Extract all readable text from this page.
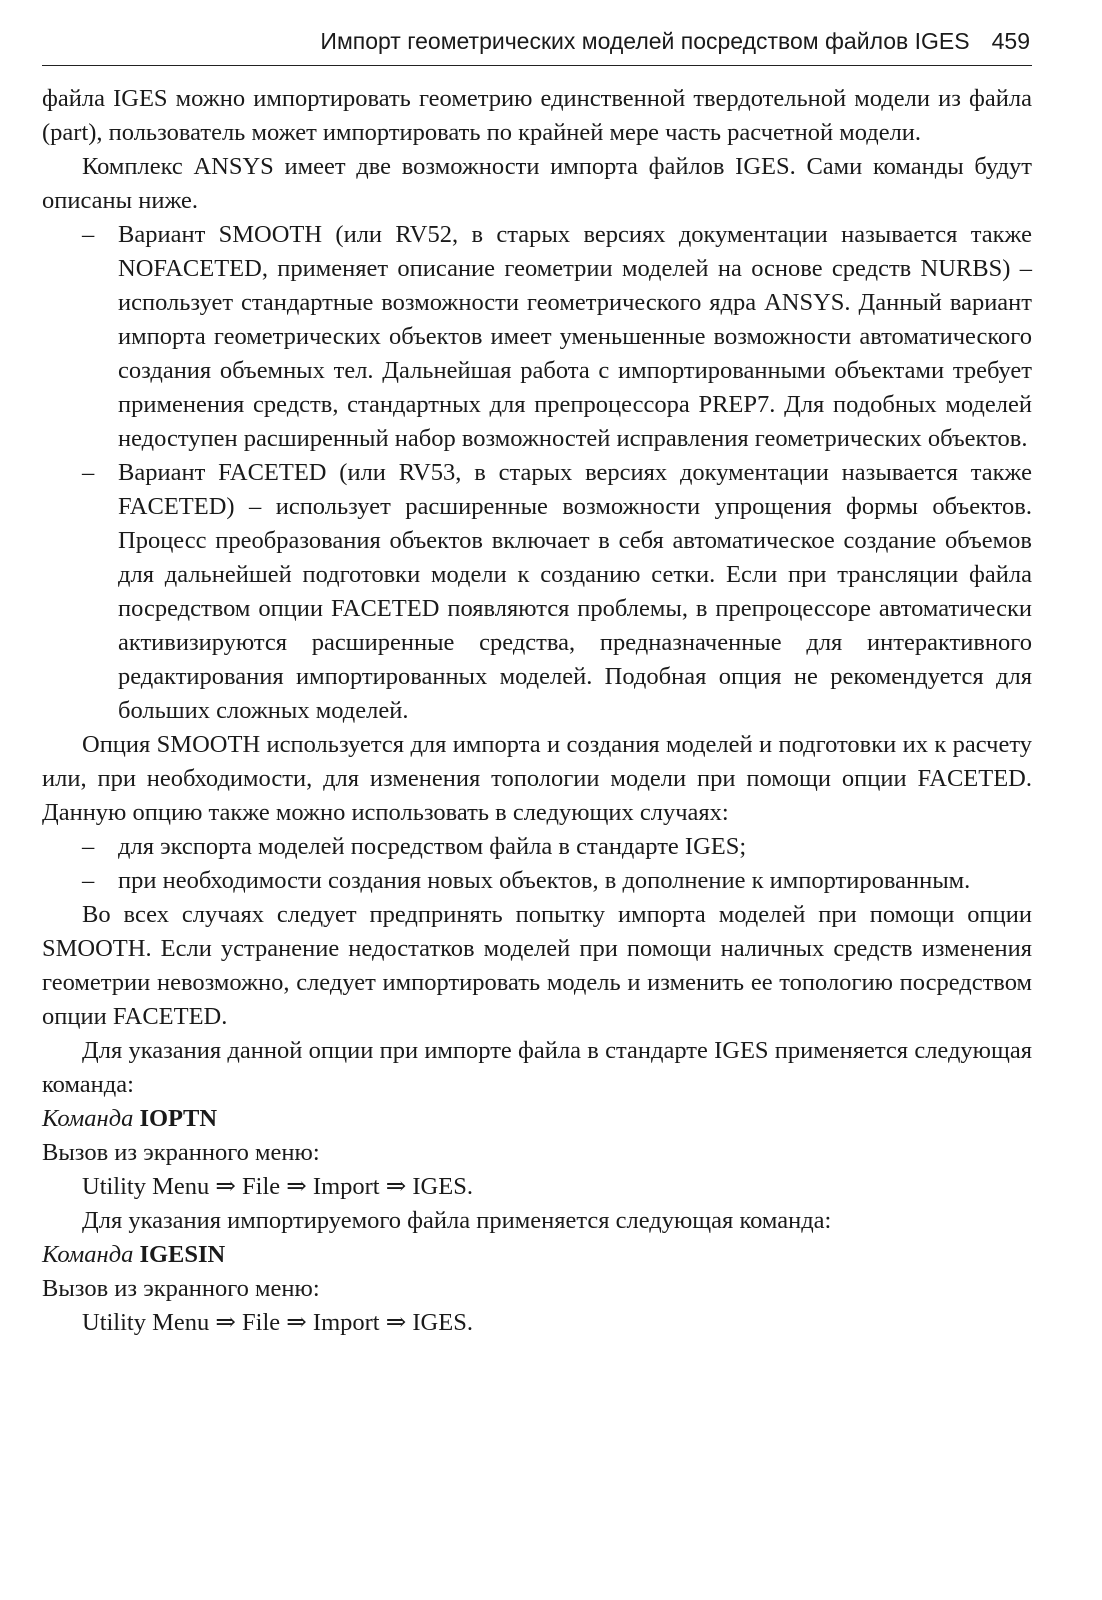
Импорт геометрических моделей посредством файлов IGES 459

файла IGES можно импортировать геометрию единственной твердотельной модели из файла (part), пользователь может импортировать по крайней мере часть расчетной модели.

Комплекс ANSYS имеет две возможности импорта файлов IGES. Сами команды будут описаны ниже.

– Вариант SMOOTH (или RV52, в старых версиях документации называется также NOFACETED, применяет описание геометрии моделей на основе средств NURBS) – использует стандартные возможности геометрического ядра ANSYS. Данный вариант импорта геометрических объектов имеет уменьшенные возможности автоматического создания объемных тел. Дальнейшая работа с импортированными объектами требует применения средств, стандартных для препроцессора PREP7. Для подобных моделей недоступен расширенный набор возможностей исправления геометрических объектов.
– Вариант FACETED (или RV53, в старых версиях документации называется также FACETED) – использует расширенные возможности упрощения формы объектов. Процесс преобразования объектов включает в себя автоматическое создание объемов для дальнейшей подготовки модели к созданию сетки. Если при трансляции файла посредством опции FACETED появляются проблемы, в препроцессоре автоматически активизируются расширенные средства, предназначенные для интерактивного редактирования импортированных моделей. Подобная опция не рекомендуется для больших сложных моделей.

Опция SMOOTH используется для импорта и создания моделей и подготовки их к расчету или, при необходимости, для изменения топологии модели при помощи опции FACETED. Данную опцию также можно использовать в следующих случаях:

– для экспорта моделей посредством файла в стандарте IGES;
– при необходимости создания новых объектов, в дополнение к импортированным.

Во всех случаях следует предпринять попытку импорта моделей при помощи опции SMOOTH. Если устранение недостатков моделей при помощи наличных средств изменения геометрии невозможно, следует импортировать модель и изменить ее топологию посредством опции FACETED.

Для указания данной опции при импорте файла в стандарте IGES применяется следующая команда:

Команда IOPTN

Вызов из экранного меню:

Utility Menu ⇒ File ⇒ Import ⇒ IGES.

Для указания импортируемого файла применяется следующая команда:

Команда IGESIN

Вызов из экранного меню:

Utility Menu ⇒ File ⇒ Import ⇒ IGES.
